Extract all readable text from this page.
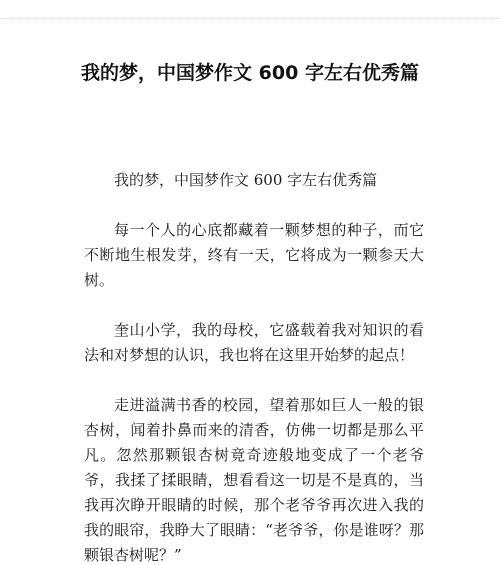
我的梦，中国梦作文 600 字左右优秀篇

我的梦，中国梦作文 600 字左右优秀篇

每一个人的心底都藏着一颗梦想的种子，而它不断地生根发芽，终有一天，它将成为一颗参天大树。

奎山小学，我的母校，它盛载着我对知识的看法和对梦想的认识，我也将在这里开始梦的起点！

走进溢满书香的校园，望着那如巨人一般的银杏树，闻着扑鼻而来的清香，仿佛一切都是那么平凡。忽然那颗银杏树竟奇迹般地变成了一个老爷爷，我揉了揉眼睛，想看看这一切是不是真的，当我再次睁开眼睛的时候，那个老爷爷再次进入我的我的眼帘，我睁大了眼睛：“老爷爷，你是谁呀？那颗银杏树呢？”
